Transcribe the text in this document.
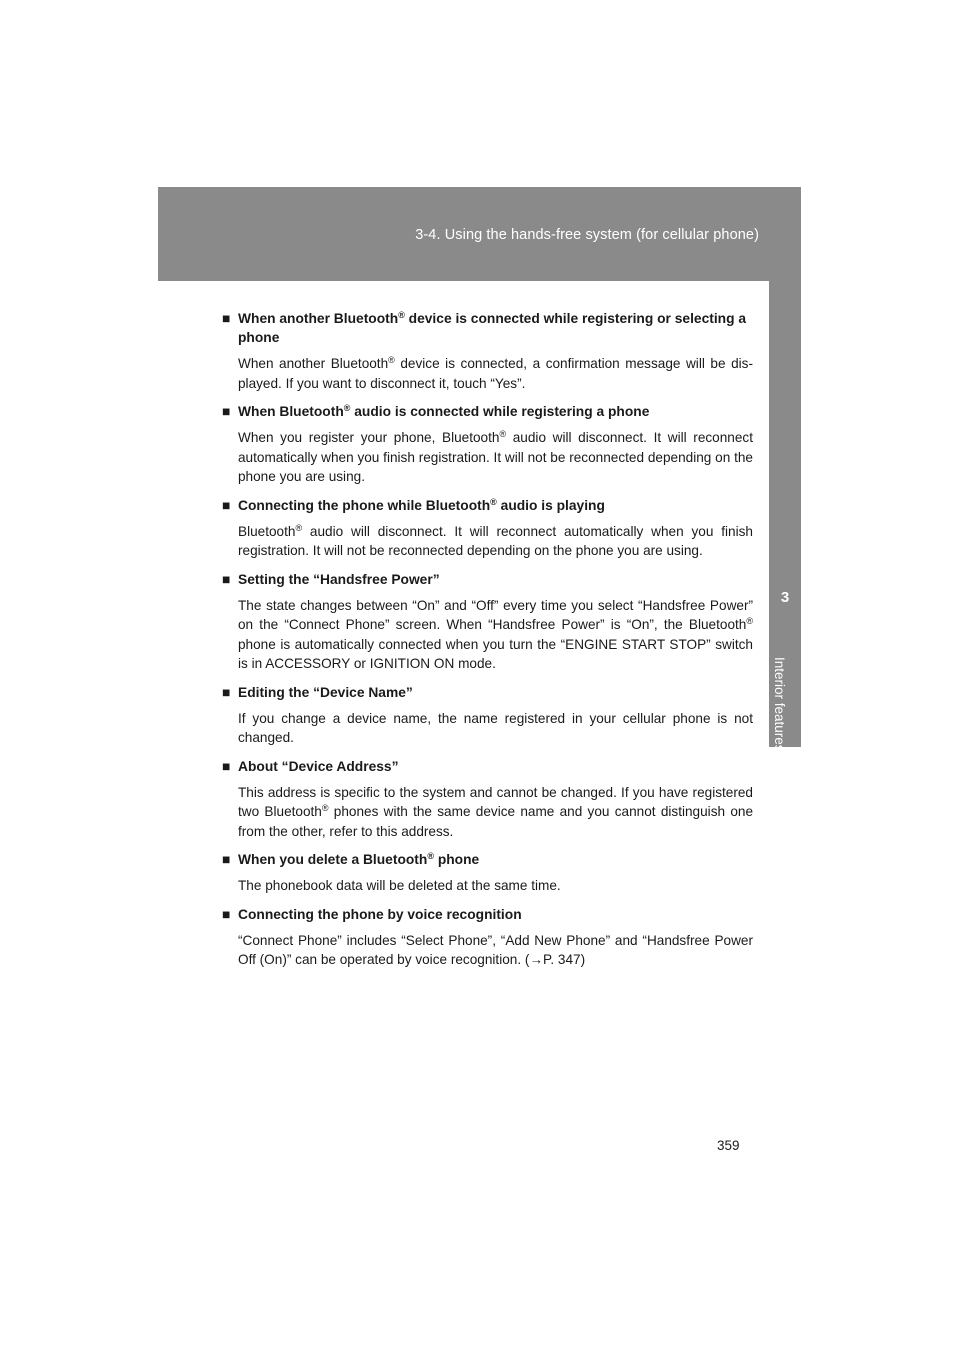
3-4. Using the hands-free system (for cellular phone)
3
Interior features
■ When another Bluetooth® device is connected while registering or selecting a phone
When another Bluetooth® device is connected, a confirmation message will be displayed. If you want to disconnect it, touch “Yes”.
■ When Bluetooth® audio is connected while registering a phone
When you register your phone, Bluetooth® audio will disconnect. It will reconnect automatically when you finish registration. It will not be reconnected depending on the phone you are using.
■ Connecting the phone while Bluetooth® audio is playing
Bluetooth® audio will disconnect. It will reconnect automatically when you finish registration. It will not be reconnected depending on the phone you are using.
■ Setting the “Handsfree Power”
The state changes between “On” and “Off” every time you select “Handsfree Power” on the “Connect Phone” screen. When “Handsfree Power” is “On”, the Bluetooth® phone is automatically connected when you turn the “ENGINE START STOP” switch is in ACCESSORY or IGNITION ON mode.
■ Editing the “Device Name”
If you change a device name, the name registered in your cellular phone is not changed.
■ About “Device Address”
This address is specific to the system and cannot be changed. If you have registered two Bluetooth® phones with the same device name and you cannot distinguish one from the other, refer to this address.
■ When you delete a Bluetooth® phone
The phonebook data will be deleted at the same time.
■ Connecting the phone by voice recognition
“Connect Phone” includes “Select Phone”, “Add New Phone” and “Handsfree Power Off (On)” can be operated by voice recognition. (→P. 347)
359
